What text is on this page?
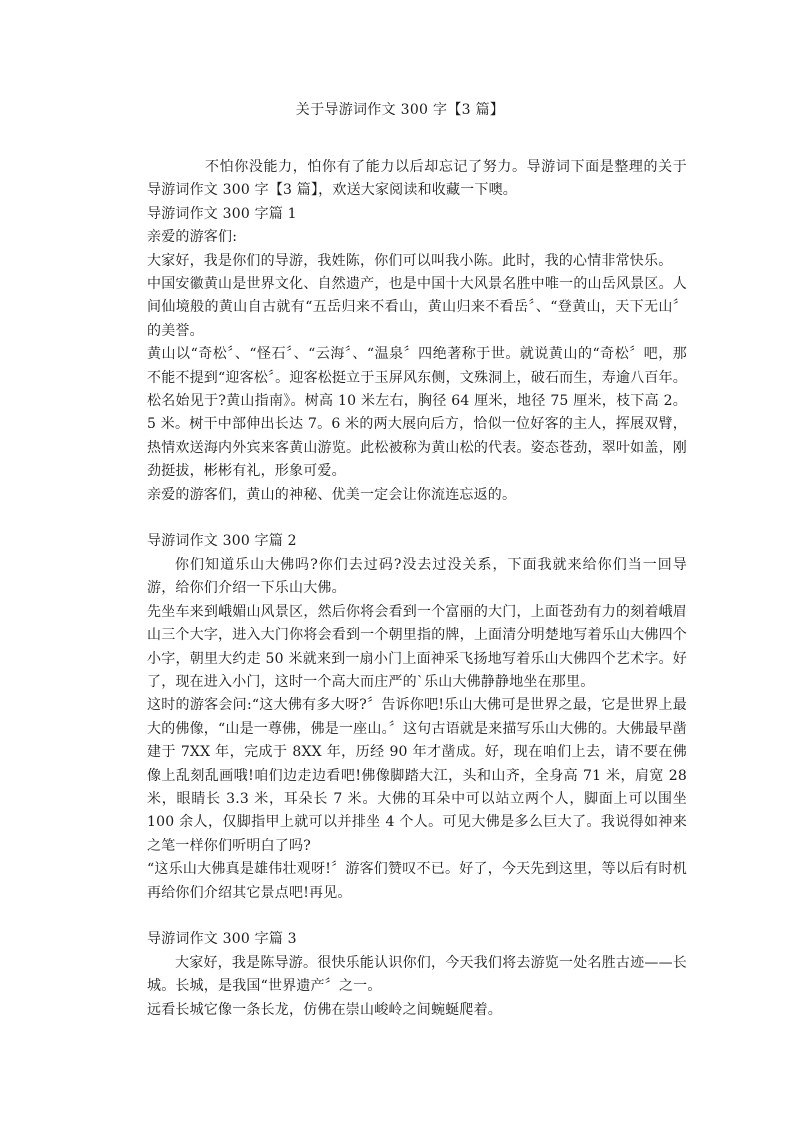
关于导游词作文 300 字【3 篇】

不怕你没能力，怕你有了能力以后却忘记了努力。导游词下面是整理的关于导游词作文 300 字【3 篇】，欢送大家阅读和收藏一下噢。

导游词作文 300 字篇 1

亲爱的游客们:

大家好，我是你们的导游，我姓陈，你们可以叫我小陈。此时，我的心情非常快乐。

中国安徽黄山是世界文化、自然遗产，也是中国十大风景名胜中唯一的山岳风景区。人间仙境般的黄山自古就有“五岳归来不看山，黄山归来不看岳〞、“登黄山，天下无山〞的美誉。

黄山以“奇松〞、“怪石〞、“云海〞、“温泉〞四绝著称于世。就说黄山的“奇松〞吧，那不能不提到“迎客松〞。迎客松挺立于玉屏风东侧，文殊洞上，破石而生，寿逾八百年。松名始见于?黄山指南》。树高 10 米左右，胸径 64 厘米，地径 75 厘米，枝下高 2。5 米。树干中部伸出长达 7。6 米的两大展向后方，恰似一位好客的主人，挥展双臂，热情欢送海内外宾来客黄山游览。此松被称为黄山松的代表。姿态苍劲，翠叶如盖，刚劲挺拔，彬彬有礼，形象可爱。

亲爱的游客们，黄山的神秘、优美一定会让你流连忘返的。

导游词作文 300 字篇 2

你们知道乐山大佛吗?你们去过码?没去过没关系，下面我就来给你们当一回导游，给你们介绍一下乐山大佛。

先坐车来到峨媚山风景区，然后你将会看到一个富丽的大门，上面苍劲有力的刻着峨眉山三个大字，进入大门你将会看到一个朝里指的牌，上面清分明楚地写着乐山大佛四个小字，朝里大约走 50 米就来到一扇小门上面神采飞扬地写着乐山大佛四个艺术字。好了，现在进入小门，这时一个高大而庄严的`乐山大佛静静地坐在那里。

这时的游客会问:“这大佛有多大呀?〞告诉你吧!乐山大佛可是世界之最，它是世界上最大的佛像，“山是一尊佛，佛是一座山。〞这句古语就是来描写乐山大佛的。大佛最早凿建于 7XX 年，完成于 8XX 年，历经 90 年才凿成。好，现在咱们上去，请不要在佛像上乱刻乱画哦!咱们边走边看吧!佛像脚踏大江，头和山齐，全身高 71 米，肩宽 28 米，眼睛长 3.3 米，耳朵长 7 米。大佛的耳朵中可以站立两个人，脚面上可以围坐 100 余人，仅脚指甲上就可以并排坐 4 个人。可见大佛是多么巨大了。我说得如神来之笔一样你们听明白了吗?

“这乐山大佛真是雄伟壮观呀!〞游客们赞叹不已。好了，今天先到这里，等以后有时机再给你们介绍其它景点吧!再见。

导游词作文 300 字篇 3

大家好，我是陈导游。很快乐能认识你们，今天我们将去游览一处名胜古迹——长城。长城，是我国“世界遗产〞之一。

远看长城它像一条长龙，仿佛在崇山峻岭之间蜿蜒爬着。
